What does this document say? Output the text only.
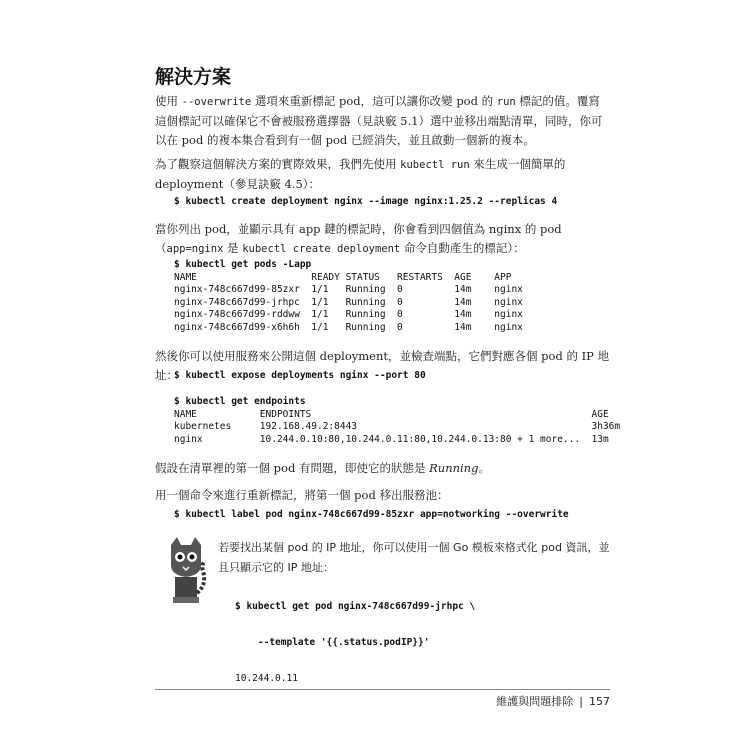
解決方案
使用 --overwrite 選項來重新標記 pod，這可以讓你改變 pod 的 run 標記的值。覆寫這個標記可以確保它不會被服務選擇器（見訣竅 5.1）選中並移出端點清單，同時，你可以在 pod 的複本集合看到有一個 pod 已經消失，並且啟動一個新的複本。
為了觀察這個解決方案的實際效果，我們先使用 kubectl run 來生成一個簡單的 deployment（參見訣竅 4.5）：
$ kubectl create deployment nginx --image nginx:1.25.2 --replicas 4
當你列出 pod，並顯示具有 app 鍵的標記時，你會看到四個值為 nginx 的 pod（app=nginx 是 kubectl create deployment 命令自動產生的標記）：
$ kubectl get pods -Lapp
NAME                    READY STATUS   RESTARTS  AGE    APP
nginx-748c667d99-85zxr  1/1   Running  0         14m    nginx
nginx-748c667d99-jrhpc  1/1   Running  0         14m    nginx
nginx-748c667d99-rddww  1/1   Running  0         14m    nginx
nginx-748c667d99-x6h6h  1/1   Running  0         14m    nginx
然後你可以使用服務來公開這個 deployment，並檢查端點，它們對應各個 pod 的 IP 地址：
$ kubectl expose deployments nginx --port 80
$ kubectl get endpoints
NAME           ENDPOINTS                                                 AGE
kubernetes     192.168.49.2:8443                                         3h36m
nginx          10.244.0.10:80,10.244.0.11:80,10.244.0.13:80 + 1 more...  13m
假設在清單裡的第一個 pod 有問題，即使它的狀態是 Running。
用一個命令來進行重新標記，將第一個 pod 移出服務池：
$ kubectl label pod nginx-748c667d99-85zxr app=notworking --overwrite
若要找出某個 pod 的 IP 地址，你可以使用一個 Go 模板來格式化 pod 資訊，並且只顯示它的 IP 地址：

$ kubectl get pod nginx-748c667d99-jrhpc \

--template '{{.status.podIP}}'

10.244.0.11

維護與問題排除 | 157
